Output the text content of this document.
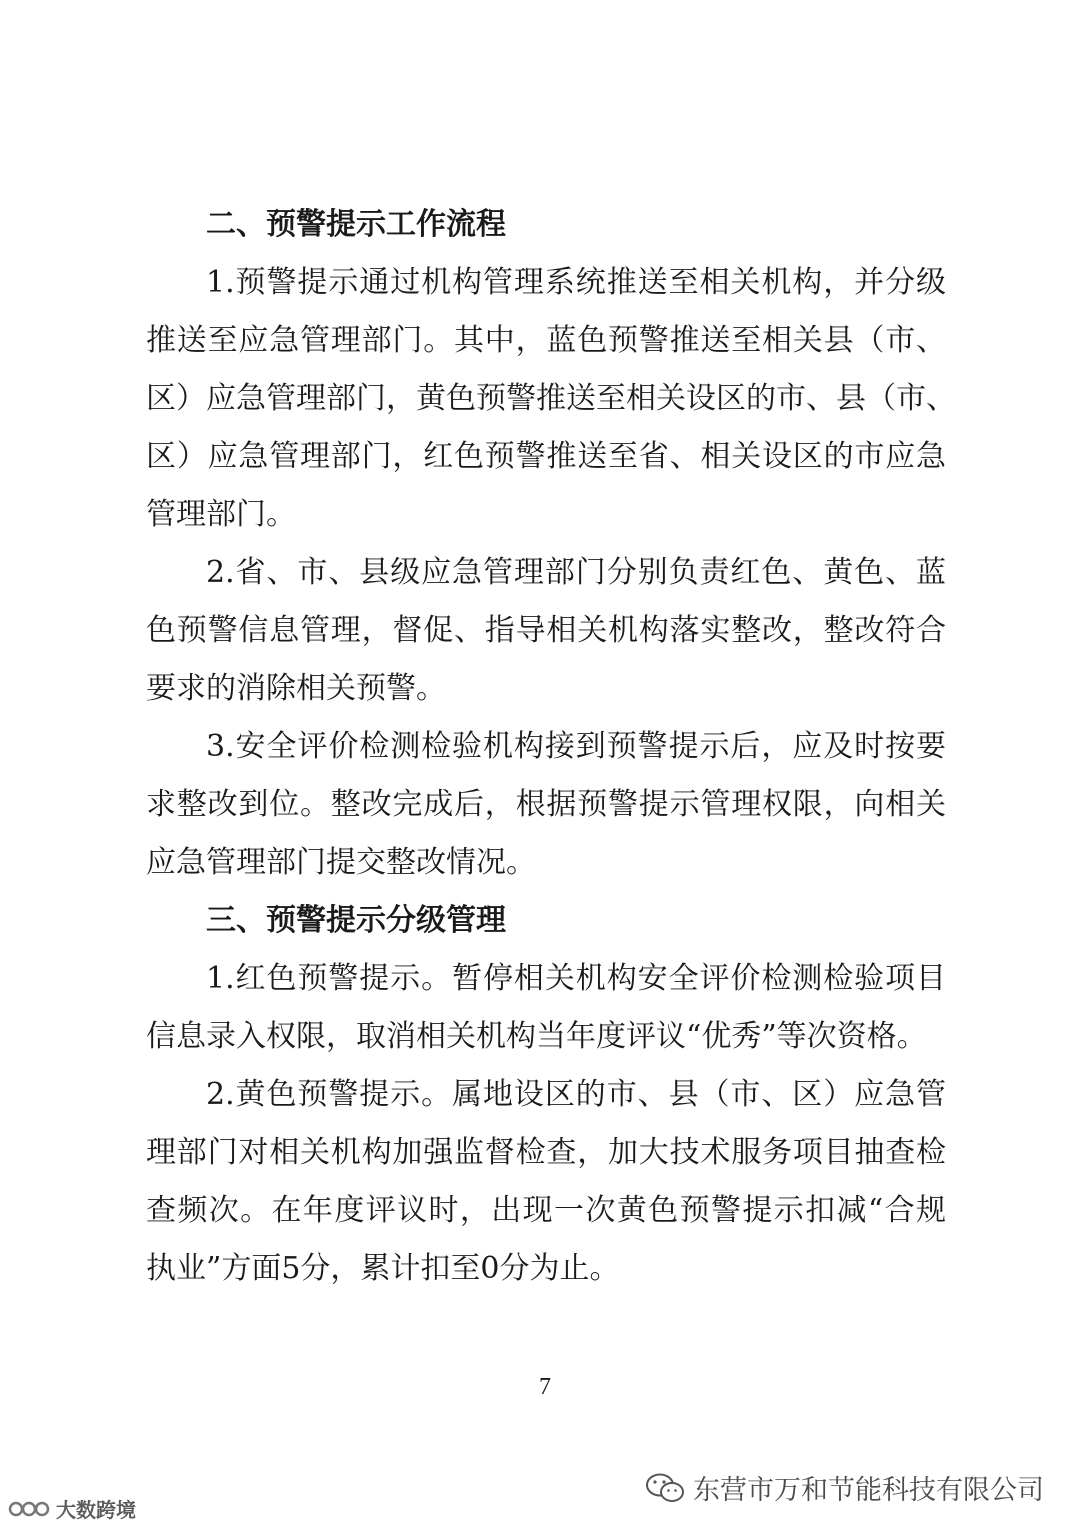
二、预警提示工作流程
1.预警提示通过机构管理系统推送至相关机构，并分级
推送至应急管理部门。其中，蓝色预警推送至相关县（市、
区）应急管理部门，黄色预警推送至相关设区的市、县（市、
区）应急管理部门，红色预警推送至省、相关设区的市应急
管理部门。
2.省、市、县级应急管理部门分别负责红色、黄色、蓝
色预警信息管理，督促、指导相关机构落实整改，整改符合
要求的消除相关预警。
3.安全评价检测检验机构接到预警提示后，应及时按要
求整改到位。整改完成后，根据预警提示管理权限，向相关
应急管理部门提交整改情况。
三、预警提示分级管理
1.红色预警提示。暂停相关机构安全评价检测检验项目
信息录入权限，取消相关机构当年度评议“优秀”等次资格。
2.黄色预警提示。属地设区的市、县（市、区）应急管
理部门对相关机构加强监督检查，加大技术服务项目抽查检
查频次。在年度评议时，出现一次黄色预警提示扣减“合规
执业”方面5分，累计扣至0分为止。
7
东营市万和节能科技有限公司
大数跨境
